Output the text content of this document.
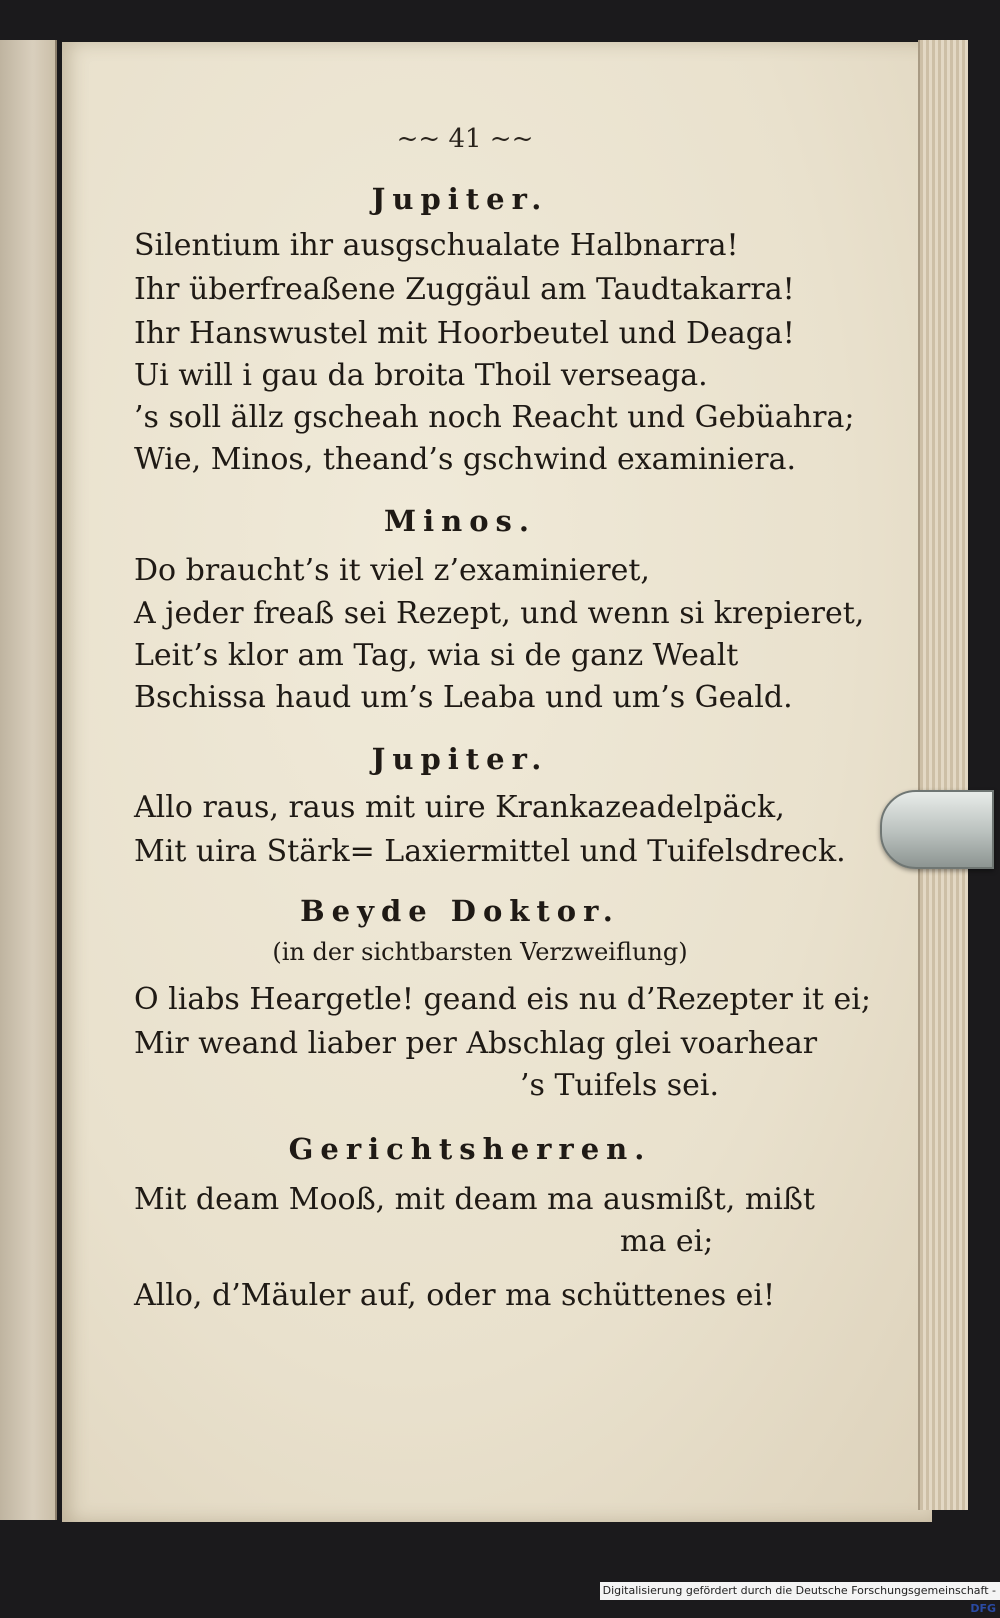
~~ 41 ~~
Jupiter.
Silentium ihr ausgschualate Halbnarra!
Ihr überfreaßene Zuggäul am Taudtakarra!
Ihr Hanswustel mit Hoorbeutel und Deaga!
Ui will i gau da broita Thoil verseaga.
’s soll ällz gscheah noch Reacht und Gebüahra;
Wie, Minos, theand’s gschwind examiniera.
Minos.
Do braucht’s it viel z’examinieret,
A jeder freaß sei Rezept, und wenn si krepieret,
Leit’s klor am Tag, wia si de ganz Wealt
Bschissa haud um’s Leaba und um’s Geald.
Jupiter.
Allo raus, raus mit uire Krankazeadelpäck,
Mit uira Stärk= Laxiermittel und Tuifelsdreck.
Beyde Doktor.
(in der sichtbarsten Verzweiflung)
O liabs Heargetle! geand eis nu d’Rezepter it ei;
Mir weand liaber per Abschlag glei voarhear
’s Tuifels sei.
Gerichtsherren.
Mit deam Mooß, mit deam ma ausmißt, mißt
ma ei;
Allo, d’Mäuler auf, oder ma schüttenes ei!
Digitalisierung gefördert durch die Deutsche Forschungsgemeinschaft - DFG
